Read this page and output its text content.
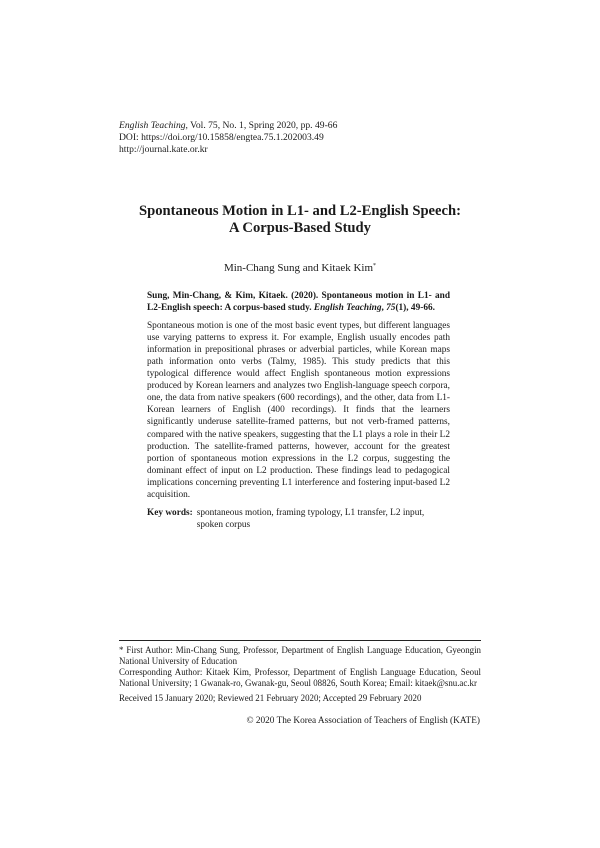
English Teaching, Vol. 75, No. 1, Spring 2020, pp. 49-66
DOI: https://doi.org/10.15858/engtea.75.1.202003.49
http://journal.kate.or.kr
Spontaneous Motion in L1- and L2-English Speech:
A Corpus-Based Study
Min-Chang Sung and Kitaek Kim*

Sung, Min-Chang, & Kim, Kitaek. (2020). Spontaneous motion in L1- and L2-English speech: A corpus-based study. English Teaching, 75(1), 49-66.

Spontaneous motion is one of the most basic event types, but different languages use varying patterns to express it. For example, English usually encodes path information in prepositional phrases or adverbial particles, while Korean maps path information onto verbs (Talmy, 1985). This study predicts that this typological difference would affect English spontaneous motion expressions produced by Korean learners and analyzes two English-language speech corpora, one, the data from native speakers (600 recordings), and the other, data from L1-Korean learners of English (400 recordings). It finds that the learners significantly underuse satellite-framed patterns, but not verb-framed patterns, compared with the native speakers, suggesting that the L1 plays a role in their L2 production. The satellite-framed patterns, however, account for the greatest portion of spontaneous motion expressions in the L2 corpus, suggesting the dominant effect of input on L2 production. These findings lead to pedagogical implications concerning preventing L1 interference and fostering input-based L2 acquisition.

Key words: spontaneous motion, framing typology, L1 transfer, L2 input, spoken corpus

* First Author: Min-Chang Sung, Professor, Department of English Language Education, Gyeongin National University of Education

Corresponding Author: Kitaek Kim, Professor, Department of English Language Education, Seoul National University; 1 Gwanak-ro, Gwanak-gu, Seoul 08826, South Korea; Email: kitaek@snu.ac.kr

Received 15 January 2020; Reviewed 21 February 2020; Accepted 29 February 2020

© 2020 The Korea Association of Teachers of English (KATE)
